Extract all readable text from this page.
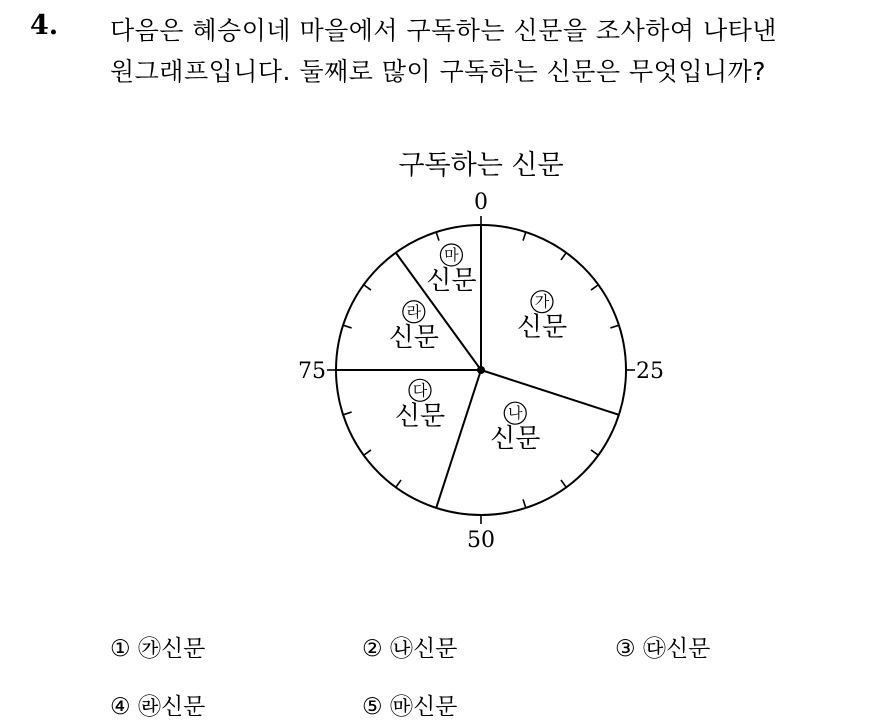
4. 다음은 혜승이네 마을에서 구독하는 신문을 조사하여 나타낸
원그래프입니다. 둘째로 많이 구독하는 신문은 무엇입니까?
구독하는 신문
0
25
50
75
가
신문
나
신문
다
신문
라
신문
마
신문
① ㉮신문	② ㉯신문	③ ㉰신문
④ ㉱신문	⑤ ㉲신문
